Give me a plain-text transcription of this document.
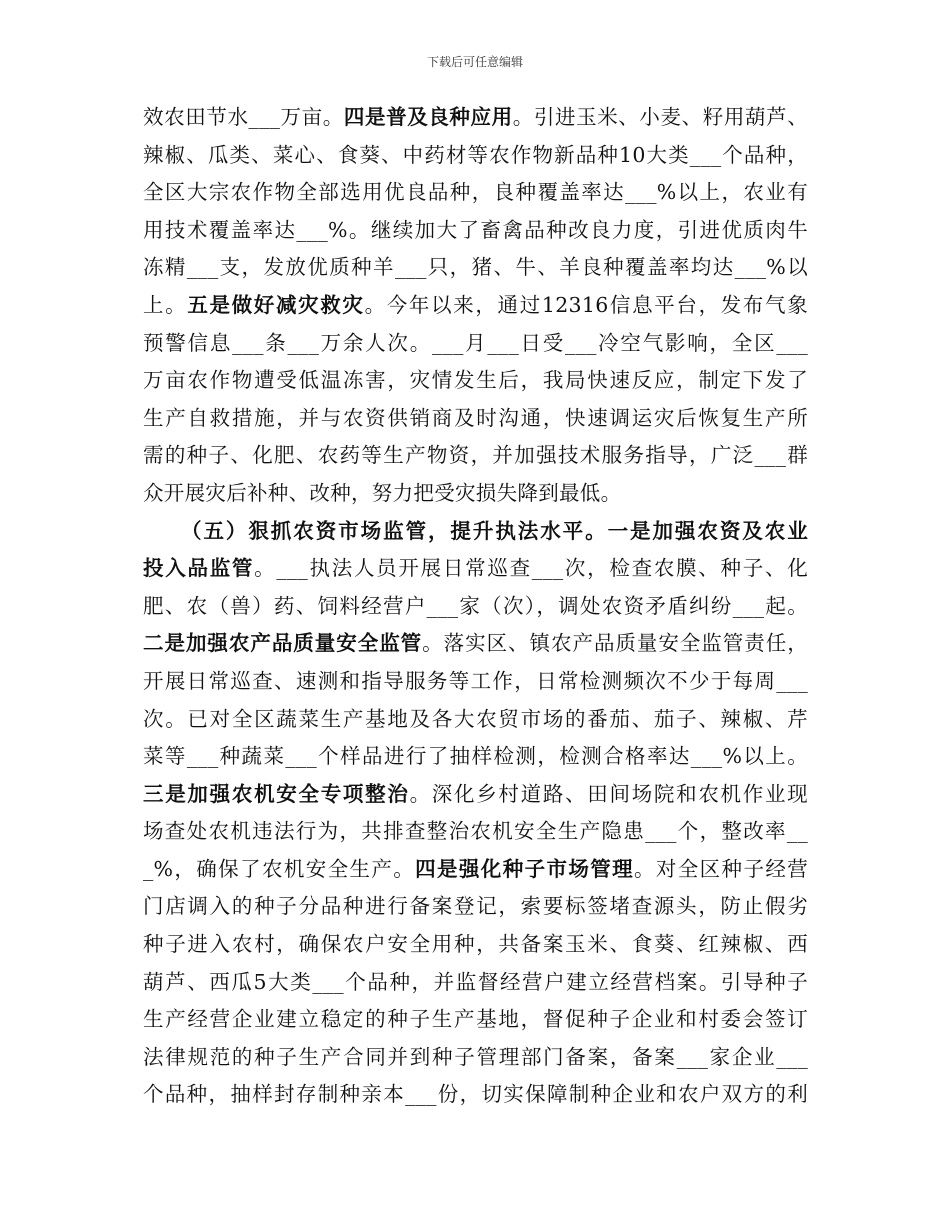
下载后可任意编辑
效农田节水___万亩。四是普及良种应用。引进玉米、小麦、籽用葫芦、
辣椒、瓜类、菜心、食葵、中药材等农作物新品种10大类___个品种，
全区大宗农作物全部选用优良品种，良种覆盖率达___%以上，农业有
用技术覆盖率达___%。继续加大了畜禽品种改良力度，引进优质肉牛
冻精___支，发放优质种羊___只，猪、牛、羊良种覆盖率均达___%以
上。五是做好减灾救灾。今年以来，通过12316信息平台，发布气象
预警信息___条___万余人次。___月___日受___冷空气影响，全区___
万亩农作物遭受低温冻害，灾情发生后，我局快速反应，制定下发了
生产自救措施，并与农资供销商及时沟通，快速调运灾后恢复生产所
需的种子、化肥、农药等生产物资，并加强技术服务指导，广泛___群
众开展灾后补种、改种，努力把受灾损失降到最低。
（五）狠抓农资市场监管，提升执法水平。一是加强农资及农业
投入品监管。___执法人员开展日常巡查___次，检查农膜、种子、化
肥、农（兽）药、饲料经营户___家（次），调处农资矛盾纠纷___起。
二是加强农产品质量安全监管。落实区、镇农产品质量安全监管责任，
开展日常巡查、速测和指导服务等工作，日常检测频次不少于每周___
次。已对全区蔬菜生产基地及各大农贸市场的番茄、茄子、辣椒、芹
菜等___种蔬菜___个样品进行了抽样检测，检测合格率达___%以上。
三是加强农机安全专项整治。深化乡村道路、田间场院和农机作业现
场查处农机违法行为，共排查整治农机安全生产隐患___个，整改率__
_%，确保了农机安全生产。四是强化种子市场管理。对全区种子经营
门店调入的种子分品种进行备案登记，索要标签堵查源头，防止假劣
种子进入农村，确保农户安全用种，共备案玉米、食葵、红辣椒、西
葫芦、西瓜5大类___个品种，并监督经营户建立经营档案。引导种子
生产经营企业建立稳定的种子生产基地，督促种子企业和村委会签订
法律规范的种子生产合同并到种子管理部门备案，备案___家企业___
个品种，抽样封存制种亲本___份，切实保障制种企业和农户双方的利
